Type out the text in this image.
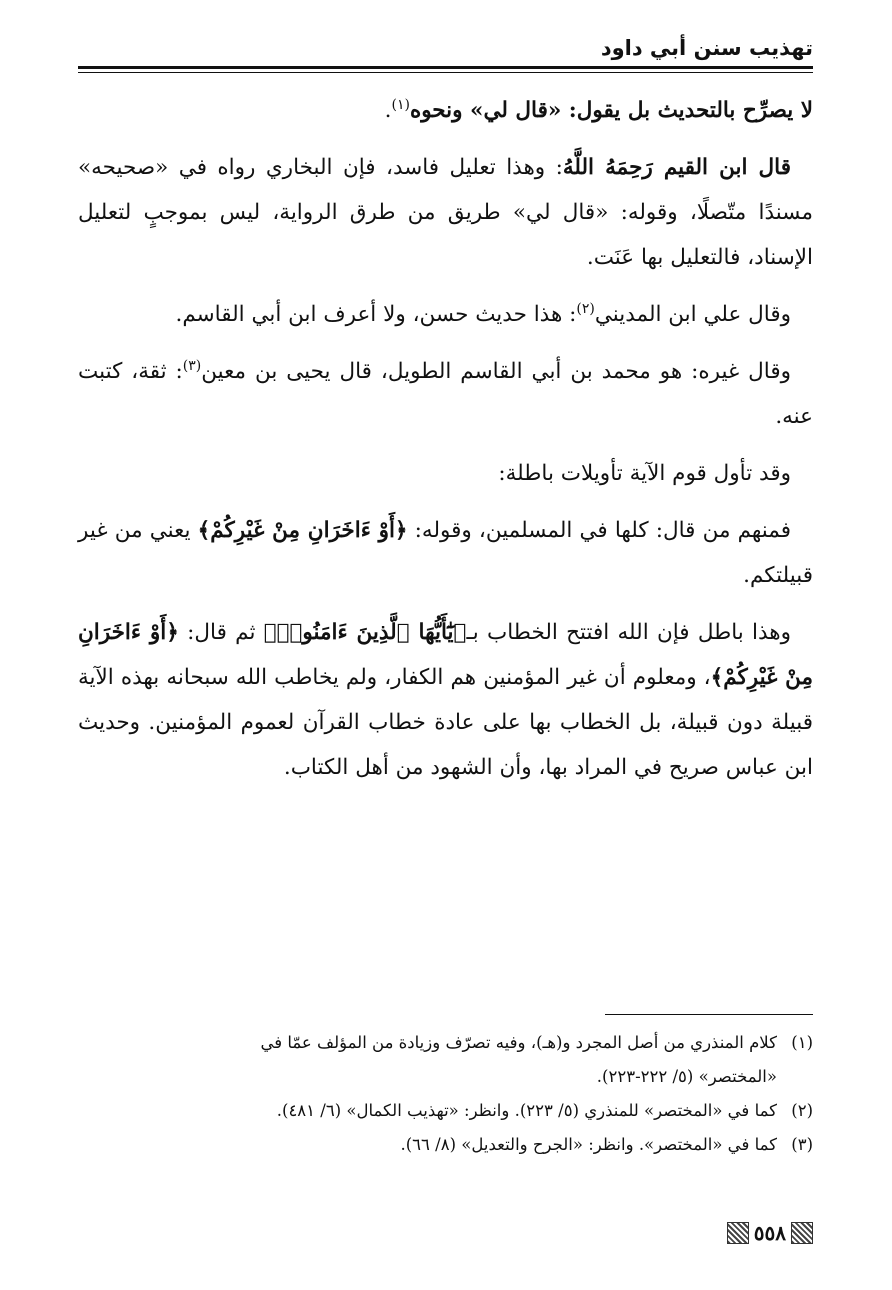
تهذيب سنن أبي داود

لا يصرِّح بالتحديث بل يقول: «قال لي» ونحوه$^{(١)}$.

قال ابن القيم رَحِمَهُ اللَّهُ: وهذا تعليل فاسد، فإن البخاري رواه في «صحيحه» مسندًا متّصلًا، وقوله: «قال لي» طريق من طرق الرواية، ليس بموجبٍ لتعليل الإسناد، فالتعليل بها عَنَت.

وقال علي ابن المديني$^{(٢)}$: هذا حديث حسن، ولا أعرف ابن أبي القاسم.

وقال غيره: هو محمد بن أبي القاسم الطويل، قال يحيى بن معين$^{(٣)}$: ثقة، كتبت عنه.

وقد تأول قوم الآية تأويلات باطلة:

فمنهم من قال: كلها في المسلمين، وقوله: ﴿أَوْ ءَاخَرَانِ مِنْ غَيْرِكُمْ﴾ يعني من غير قبيلتكم.

وهذا باطل فإن الله افتتح الخطاب بـ﴿يَٰٓأَيُّهَا ٱلَّذِينَ ءَامَنُوا۟﴾ ثم قال: ﴿أَوْ ءَاخَرَانِ مِنْ غَيْرِكُمْ﴾، ومعلوم أن غير المؤمنين هم الكفار، ولم يخاطب الله سبحانه بهذه الآية قبيلة دون قبيلة، بل الخطاب بها على عادة خطاب القرآن لعموم المؤمنين. وحديث ابن عباس صريح في المراد بها، وأن الشهود من أهل الكتاب.

(١)كلام المنذري من أصل المجرد و(هـ)، وفيه تصرّف وزيادة من المؤلف عمّا في

«المختصر» (٥/ ٢٢٢-٢٢٣).

(٢)كما في «المختصر» للمنذري (٥/ ٢٢٣). وانظر: «تهذيب الكمال» (٦/ ٤٨١).

(٣)كما في «المختصر». وانظر: «الجرح والتعديل» (٨/ ٦٦).

٥٥٨
